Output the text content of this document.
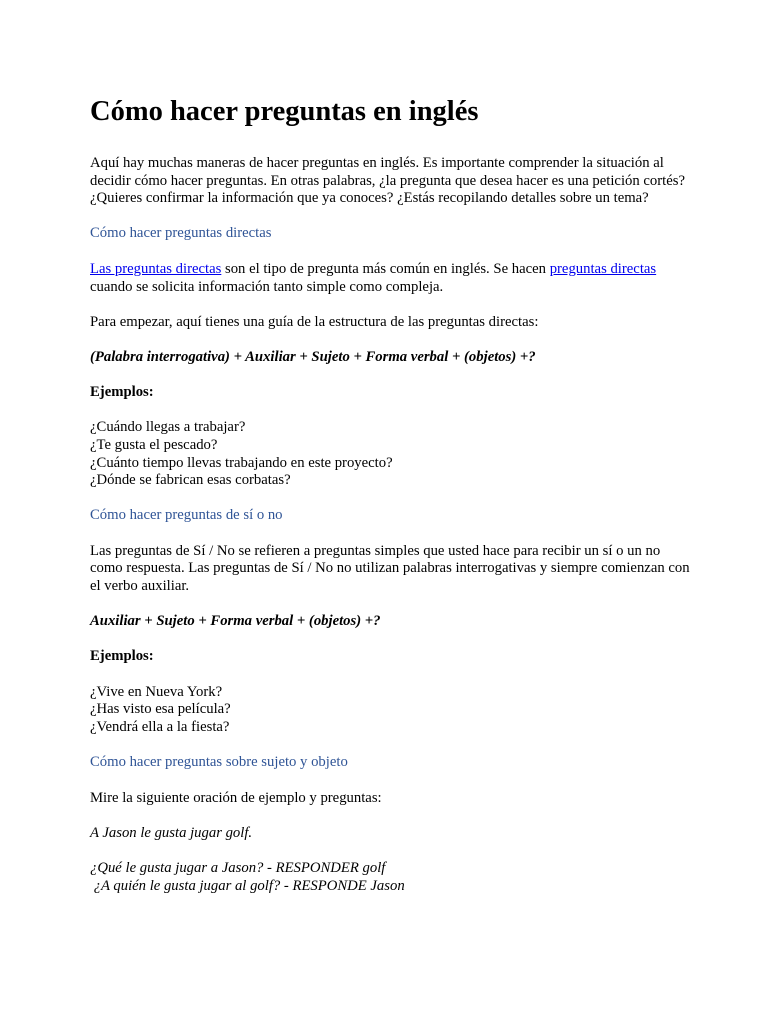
Cómo hacer preguntas en inglés

Aquí hay muchas maneras de hacer preguntas en inglés. Es importante comprender la situación al decidir cómo hacer preguntas. En otras palabras, ¿la pregunta que desea hacer es una petición cortés? ¿Quieres confirmar la información que ya conoces? ¿Estás recopilando detalles sobre un tema?

Cómo hacer preguntas directas

Las preguntas directas son el tipo de pregunta más común en inglés. Se hacen preguntas directas cuando se solicita información tanto simple como compleja.

Para empezar, aquí tienes una guía de la estructura de las preguntas directas:

(Palabra interrogativa) + Auxiliar + Sujeto + Forma verbal + (objetos) +?

Ejemplos:

¿Cuándo llegas a trabajar?

¿Te gusta el pescado?

¿Cuánto tiempo llevas trabajando en este proyecto?

¿Dónde se fabrican esas corbatas?

Cómo hacer preguntas de sí o no

Las preguntas de Sí / No se refieren a preguntas simples que usted hace para recibir un sí o un no como respuesta. Las preguntas de Sí / No no utilizan palabras interrogativas y siempre comienzan con el verbo auxiliar.

Auxiliar + Sujeto + Forma verbal + (objetos) +?

Ejemplos:

¿Vive en Nueva York?

¿Has visto esa película?

¿Vendrá ella a la fiesta?

Cómo hacer preguntas sobre sujeto y objeto

Mire la siguiente oración de ejemplo y preguntas:

A Jason le gusta jugar golf.

¿Qué le gusta jugar a Jason? - RESPONDER golf

¿A quién le gusta jugar al golf? - RESPONDE Jason
